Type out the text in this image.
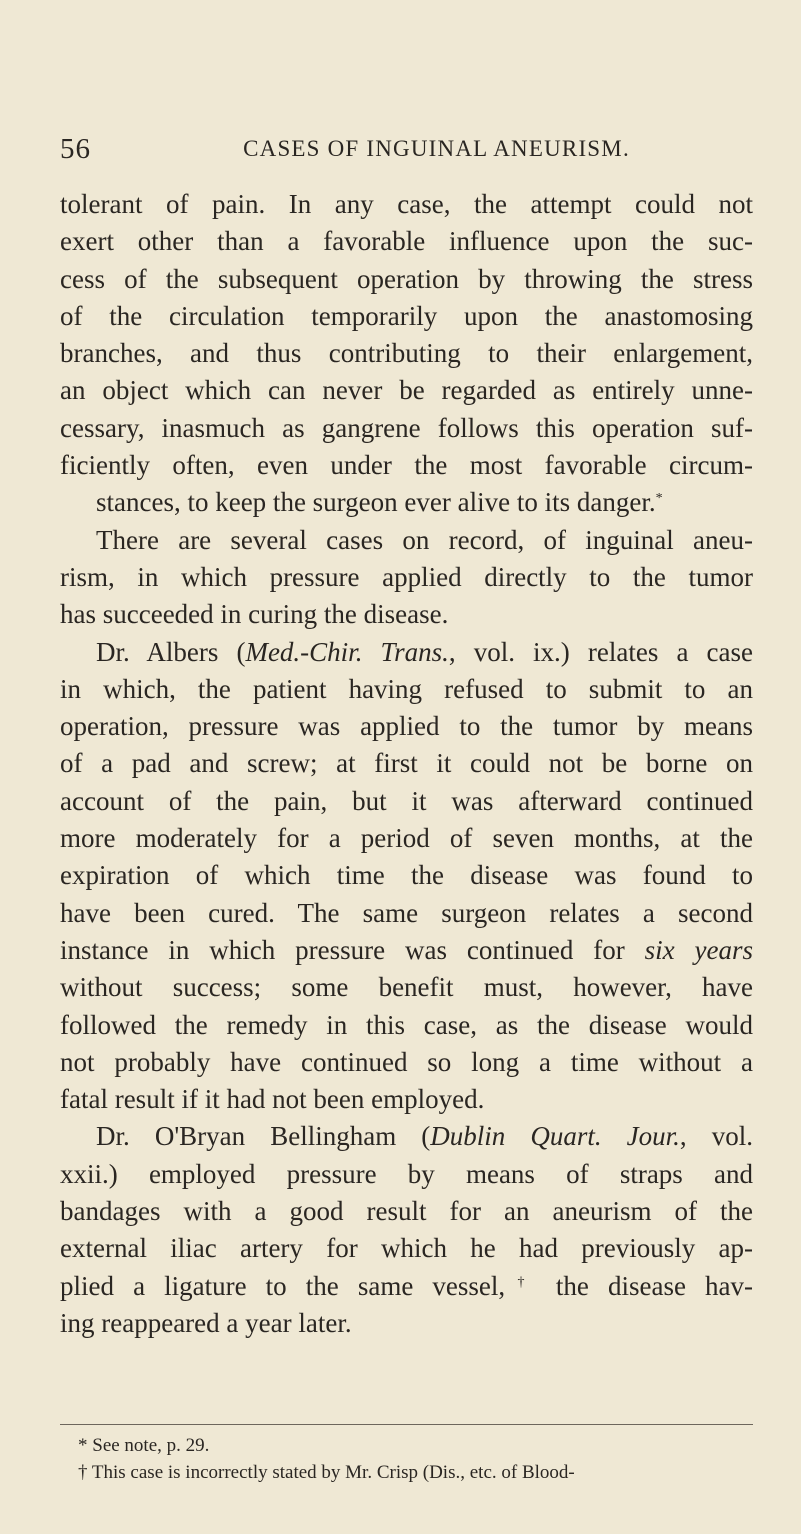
56	CASES OF INGUINAL ANEURISM.
tolerant of pain. In any case, the attempt could not
exert other than a favorable influence upon the suc-
cess of the subsequent operation by throwing the stress
of the circulation temporarily upon the anastomosing
branches, and thus contributing to their enlargement,
an object which can never be regarded as entirely unne-
cessary, inasmuch as gangrene follows this operation suf-
ficiently often, even under the most favorable circum-
stances, to keep the surgeon ever alive to its danger.*
There are several cases on record, of inguinal aneu-
rism, in which pressure applied directly to the tumor
has succeeded in curing the disease.
Dr. Albers (Med.-Chir. Trans., vol. ix.) relates a case
in which, the patient having refused to submit to an
operation, pressure was applied to the tumor by means
of a pad and screw; at first it could not be borne on
account of the pain, but it was afterward continued
more moderately for a period of seven months, at the
expiration of which time the disease was found to
have been cured. The same surgeon relates a second
instance in which pressure was continued for six years
without success; some benefit must, however, have
followed the remedy in this case, as the disease would
not probably have continued so long a time without a
fatal result if it had not been employed.
Dr. O'Bryan Bellingham (Dublin Quart. Jour., vol.
xxii.) employed pressure by means of straps and
bandages with a good result for an aneurism of the
external iliac artery for which he had previously ap-
plied a ligature to the same vessel,† the disease hav-
ing reappeared a year later.
* See note, p. 29.
† This case is incorrectly stated by Mr. Crisp (Dis., etc. of Blood-
